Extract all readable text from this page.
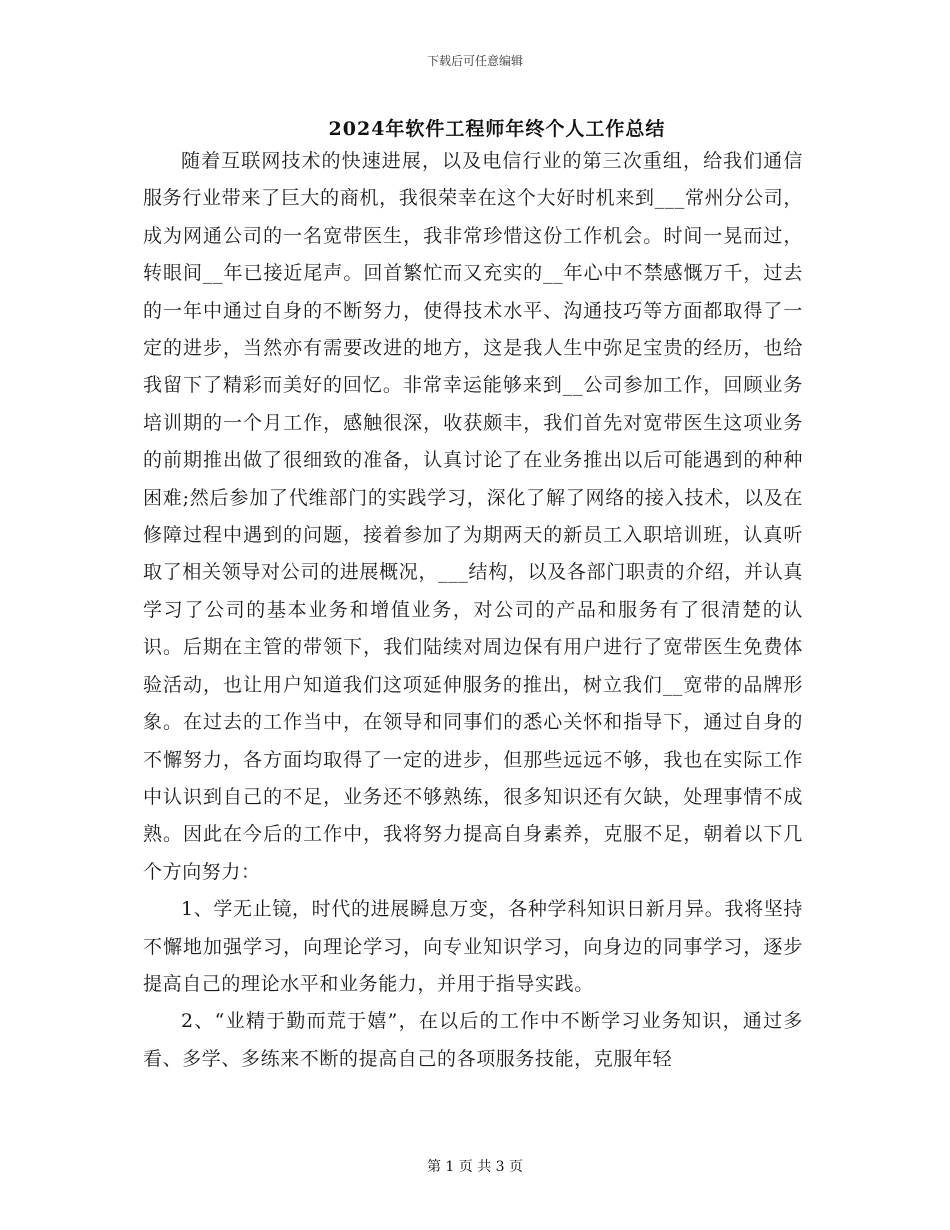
下载后可任意编辑
2024年软件工程师年终个人工作总结

随着互联网技术的快速进展，以及电信行业的第三次重组，给我们通信服务行业带来了巨大的商机，我很荣幸在这个大好时机来到___常州分公司，成为网通公司的一名宽带医生，我非常珍惜这份工作机会。时间一晃而过，转眼间__年已接近尾声。回首繁忙而又充实的__年心中不禁感慨万千，过去的一年中通过自身的不断努力，使得技术水平、沟通技巧等方面都取得了一定的进步，当然亦有需要改进的地方，这是我人生中弥足宝贵的经历，也给我留下了精彩而美好的回忆。非常幸运能够来到__公司参加工作，回顾业务培训期的一个月工作，感触很深，收获颇丰，我们首先对宽带医生这项业务的前期推出做了很细致的准备，认真讨论了在业务推出以后可能遇到的种种困难;然后参加了代维部门的实践学习，深化了解了网络的接入技术，以及在修障过程中遇到的问题，接着参加了为期两天的新员工入职培训班，认真听取了相关领导对公司的进展概况，___结构，以及各部门职责的介绍，并认真学习了公司的基本业务和增值业务，对公司的产品和服务有了很清楚的认识。后期在主管的带领下，我们陆续对周边保有用户进行了宽带医生免费体验活动，也让用户知道我们这项延伸服务的推出，树立我们__宽带的品牌形象。在过去的工作当中，在领导和同事们的悉心关怀和指导下，通过自身的不懈努力，各方面均取得了一定的进步，但那些远远不够，我也在实际工作中认识到自己的不足，业务还不够熟练，很多知识还有欠缺，处理事情不成熟。因此在今后的工作中，我将努力提高自身素养，克服不足，朝着以下几个方向努力：

1、学无止镜，时代的进展瞬息万变，各种学科知识日新月异。我将坚持不懈地加强学习，向理论学习，向专业知识学习，向身边的同事学习，逐步提高自己的理论水平和业务能力，并用于指导实践。

2、“业精于勤而荒于嬉”，在以后的工作中不断学习业务知识，通过多看、多学、多练来不断的提高自己的各项服务技能，克服年轻

第 1 页 共 3 页
